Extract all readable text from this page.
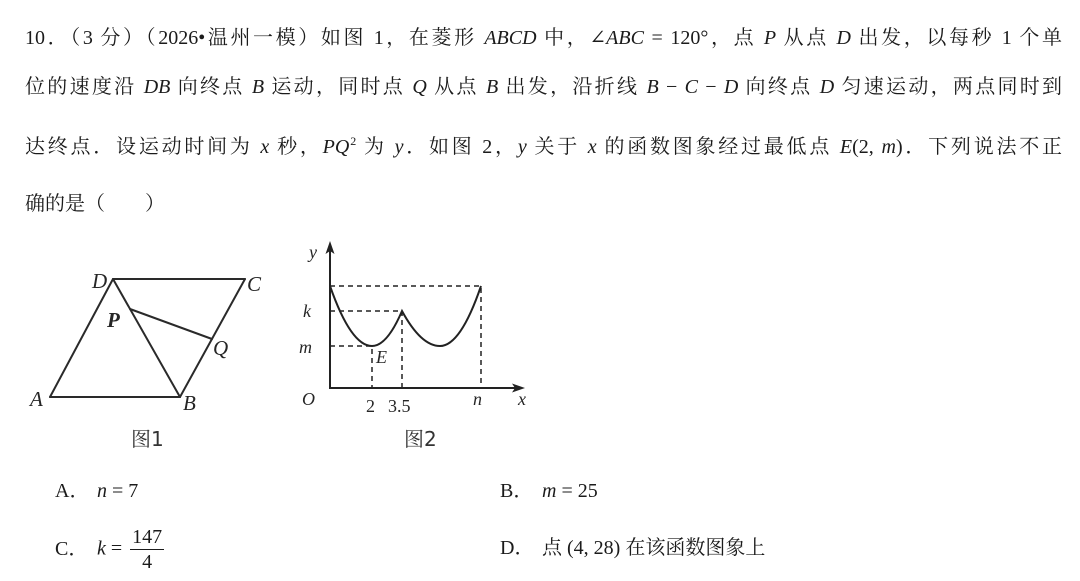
10．（3 分）（2026•温州一模）如图 1，在菱形 ABCD 中，∠ABC = 120°，点 P 从点 D 出发，以每秒 1 个单
位的速度沿 DB 向终点 B 运动，同时点 Q 从点 B 出发，沿折线 B − C − D 向终点 D 匀速运动，两点同时到
达终点．设运动时间为 x 秒，$PQ^2$ 为 y．如图 2，y 关于 x 的函数图象经过最低点 E(2, m)．下列说法不正
确的是（　　）
D	C
P
Q
A	B
图1
y
k
m
O
E
2 3.5	n x
图2
A． n = 7	B． m = 25
C． $k = \frac{147}{4}$	D． 点 (4, 28) 在该函数图象上
